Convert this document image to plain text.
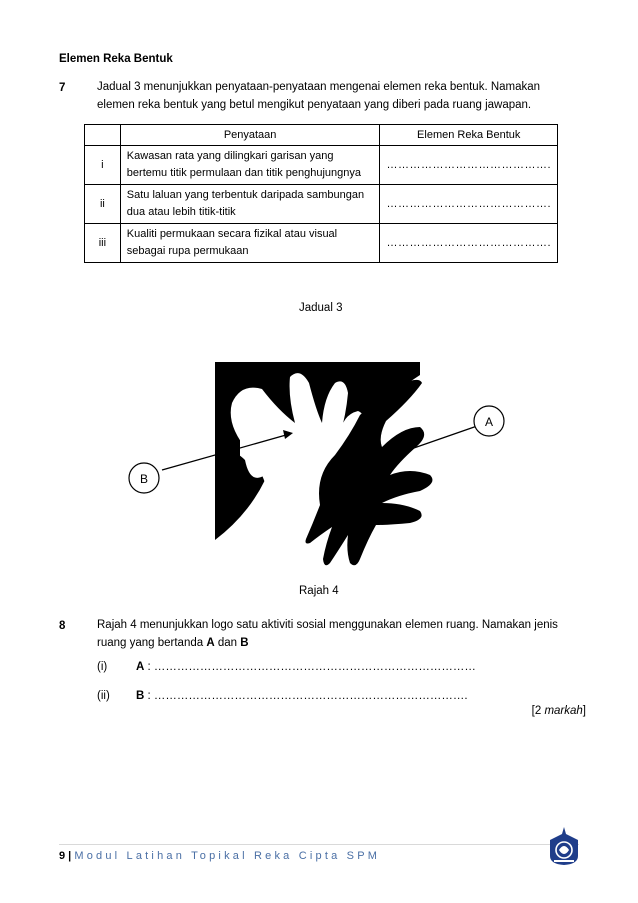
Elemen Reka Bentuk
7	Jadual 3 menunjukkan penyataan-penyataan mengenai elemen reka bentuk. Namakan
elemen reka bentuk yang betul mengikut penyataan yang diberi pada ruang jawapan.
	Penyataan	Elemen Reka Bentuk
i	Kawasan rata yang dilingkari garisan yang
bertemu titik permulaan dan titik penghujungnya	…………………………………….
ii	Satu laluan yang terbentuk daripada sambungan
dua atau lebih titik-titik	…………………………………….
iii	Kualiti permukaan secara fizikal atau visual
sebagai rupa permukaan	…………………………………….
Jadual 3
A
B
Rajah 4
8	Rajah 4 menunjukkan logo satu aktiviti sosial menggunakan elemen ruang. Namakan jenis
ruang yang bertanda A dan B
(i)	A : …………………………………………………………………………
(ii) B : ……………………………………………………………………….
[2 markah]
9 | Modul Latihan Topikal Reka Cipta SPM
